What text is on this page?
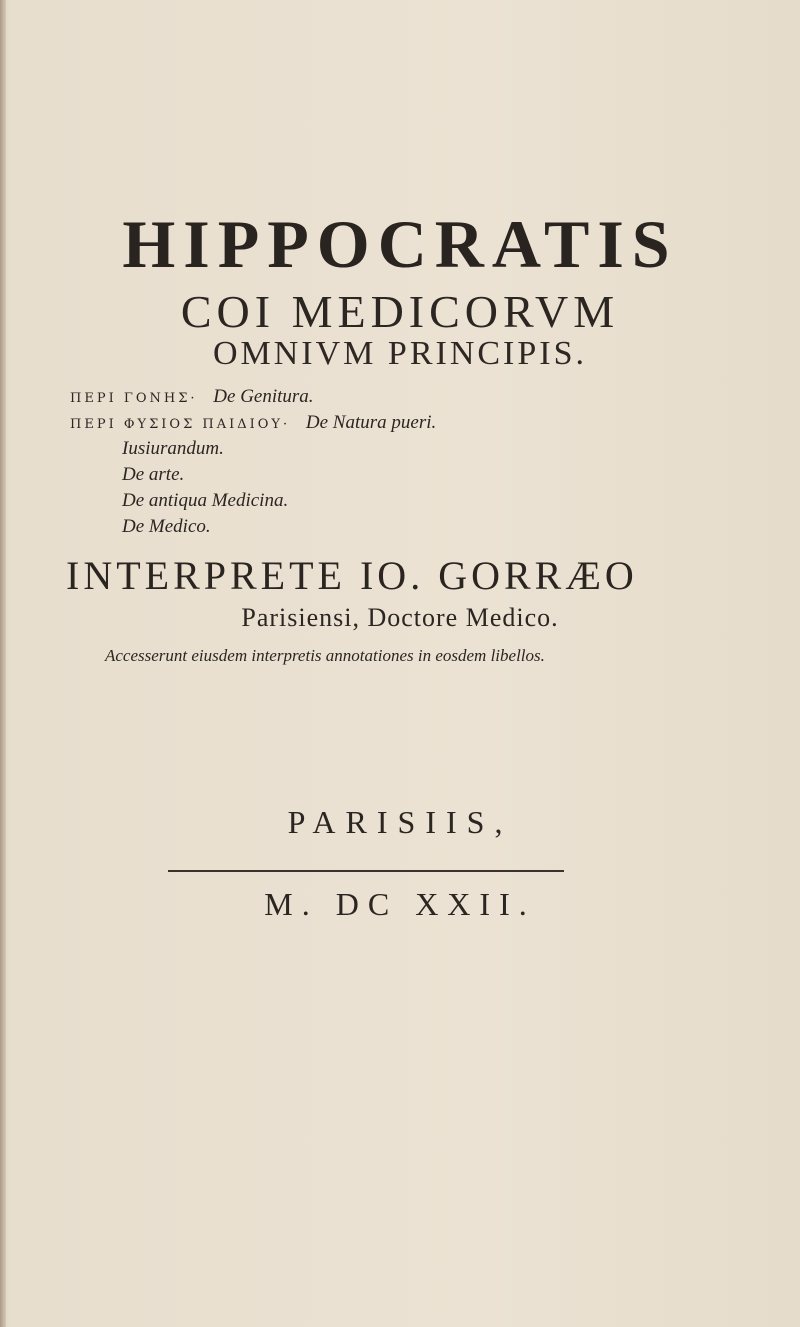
HIPPOCRATIS
COI MEDICORVM
OMNIVM PRINCIPIS.
ΠΕΡΙ ΓΟΝΗΣ· De Genitura.
ΠΕΡΙ ΦΥΣΙΟΣ ΠΑΙΔΙΟΥ· De Natura pueri.
Iusiurandum.
De arte.
De antiqua Medicina.
De Medico.
INTERPRETE IO. GORRÆO
Parisiensi, Doctore Medico.
Accesserunt eiusdem interpretis annotationes in eosdem libellos.
PARISIIS,
M. DC XXII.
